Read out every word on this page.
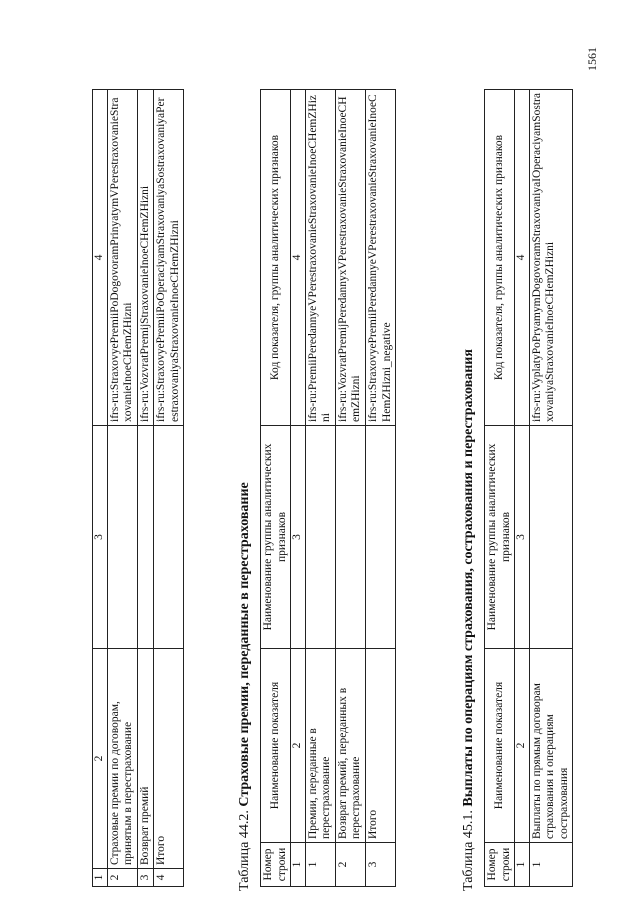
1	2	3	4
2	Страховые премии по договорам, принятым в перестрахование		ifrs-ru:StraxovyePremiiPoDogovoramPrinyatymVPerestraxovanieStraxovanieInoeCHemZHizni
3	Возврат премий		ifrs-ru:VozvratPremijStraxovanieInoeCHemZHizni
4	Итого		ifrs-ru:StraxovyePremiiPoOperaciyamStraxovaniyaSostraxovaniyaPerestraxovaniyaStraxovanieInoeCHemZHizni
Таблица 44.2. Страховые премии, переданные в перестрахование
Номер строки	Наименование показателя	Наименование группы аналитических признаков	Код показателя, группы аналитических признаков
1	2	3	4
1	Премии, переданные в перестрахование		ifrs-ru:PremiiPeredannyeVPerestraxovanieStraxovanieInoeCHemZHizni
2	Возврат премий, переданных в перестрахование		ifrs-ru:VozvratPremijPeredannyxVPerestraxovanieStraxovanieInoeCHemZHizni
3	Итого		ifrs-ru:StraxovyePremiiPeredannyeVPerestraxovanieStraxovanieInoeCHemZHizni_negative
Таблица 45.1. Выплаты по операциям страхования, сострахования и перестрахования
Номер строки	Наименование показателя	Наименование группы аналитических признаков	Код показателя, группы аналитических признаков
1	2	3	4
1	Выплаты по прямым договорам страхования и операциям сострахования		ifrs-ru:VyplatyPoPryamymDogovoramStraxovaniyaIOperaciyamSostraxovaniyaStraxovanieInoeCHemZHizni
1561
